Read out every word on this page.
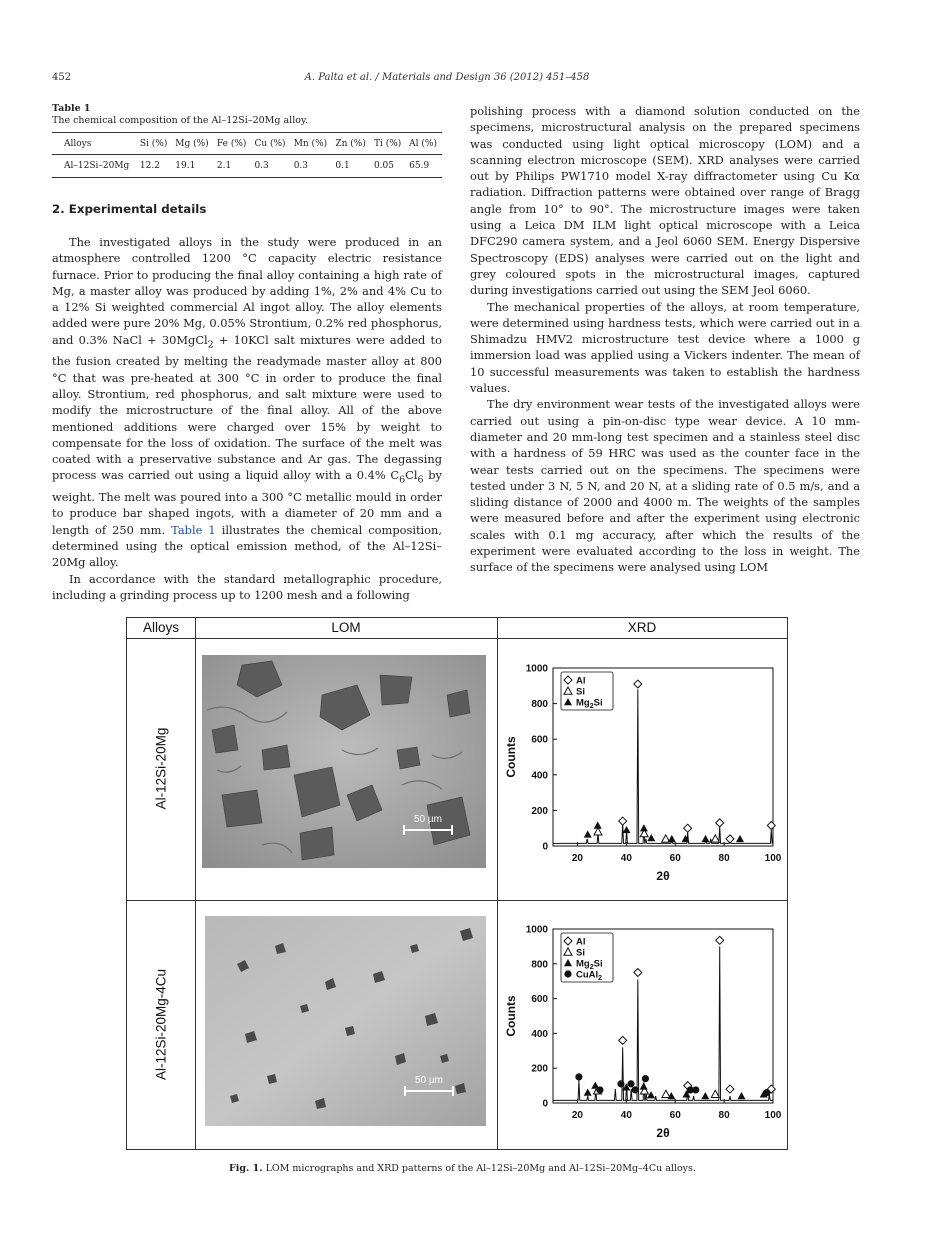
452	A. Palta et al. / Materials and Design 36 (2012) 451–458

Table 1

The chemical composition of the Al–12Si–20Mg alloy.

Alloys	Si (%)	Mg (%)	Fe (%)	Cu (%)	Mn (%)	Zn (%)	Ti (%)	Al (%)
Al–12Si–20Mg	12.2	19.1	2.1	0.3	0.3	0.1	0.05	65.9
2. Experimental details

The investigated alloys in the study were produced in an atmosphere controlled 1200 °C capacity electric resistance furnace. Prior to producing the final alloy containing a high rate of Mg, a master alloy was produced by adding 1%, 2% and 4% Cu to a 12% Si weighted commercial Al ingot alloy. The alloy elements added were pure 20% Mg, 0.05% Strontium, 0.2% red phosphorus, and 0.3% NaCl + 30MgCl$_2$ + 10KCl salt mixtures were added to the fusion created by melting the readymade master alloy at 800 °C that was pre-heated at 300 °C in order to produce the final alloy. Strontium, red phosphorus, and salt mixture were used to modify the microstructure of the final alloy. All of the above mentioned additions were charged over 15% by weight to compensate for the loss of oxidation. The surface of the melt was coated with a preservative substance and Ar gas. The degassing process was carried out using a liquid alloy with a 0.4% $C_6Cl_6$ by weight. The melt was poured into a 300 °C metallic mould in order to produce bar shaped ingots, with a diameter of 20 mm and a length of 250 mm. Table 1 illustrates the chemical composition, determined using the optical emission method, of the Al–12Si–20Mg alloy.

In accordance with the standard metallographic procedure, including a grinding process up to 1200 mesh and a following

polishing process with a diamond solution conducted on the specimens, microstructural analysis on the prepared specimens was conducted using light optical microscopy (LOM) and a scanning electron microscope (SEM). XRD analyses were carried out by Philips PW1710 model X-ray diffractometer using Cu Kα radiation. Diffraction patterns were obtained over range of Bragg angle from 10° to 90°. The microstructure images were taken using a Leica DM ILM light optical microscope with a Leica DFC290 camera system, and a Jeol 6060 SEM. Energy Dispersive Spectroscopy (EDS) analyses were carried out on the light and grey coloured spots in the microstructural images, captured during investigations carried out using the SEM Jeol 6060.

The mechanical properties of the alloys, at room temperature, were determined using hardness tests, which were carried out in a Shimadzu HMV2 microstructure test device where a 1000 g immersion load was applied using a Vickers indenter. The mean of 10 successful measurements was taken to establish the hardness values.

The dry environment wear tests of the investigated alloys were carried out using a pin-on-disc type wear device. A 10 mm-diameter and 20 mm-long test specimen and a stainless steel disc with a hardness of 59 HRC was used as the counter face in the wear tests carried out on the specimens. The specimens were tested under 3 N, 5 N, and 20 N, at a sliding rate of 0.5 m/s, and a sliding distance of 2000 and 4000 m. The weights of the samples were measured before and after the experiment using electronic scales with 0.1 mg accuracy, after which the results of the experiment were evaluated according to the loss in weight. The surface of the specimens were analysed using LOM

Alloys	LOM	XRD
Al-12Si-20Mg
Al-12Si-20Mg-4Cu
50 µm
50 µm
0
200
400
600
800
1000
20	40	60	80	100
Counts
2θ
Al
Si
$Mg_2Si$
0
200
400
600
800
1000
20	40	60	80	100
Counts
2θ
Al
Si
$Mg_2Si$
CuAl$_2$
Fig. 1. LOM micrographs and XRD patterns of the Al–12Si–20Mg and Al–12Si–20Mg–4Cu alloys.
